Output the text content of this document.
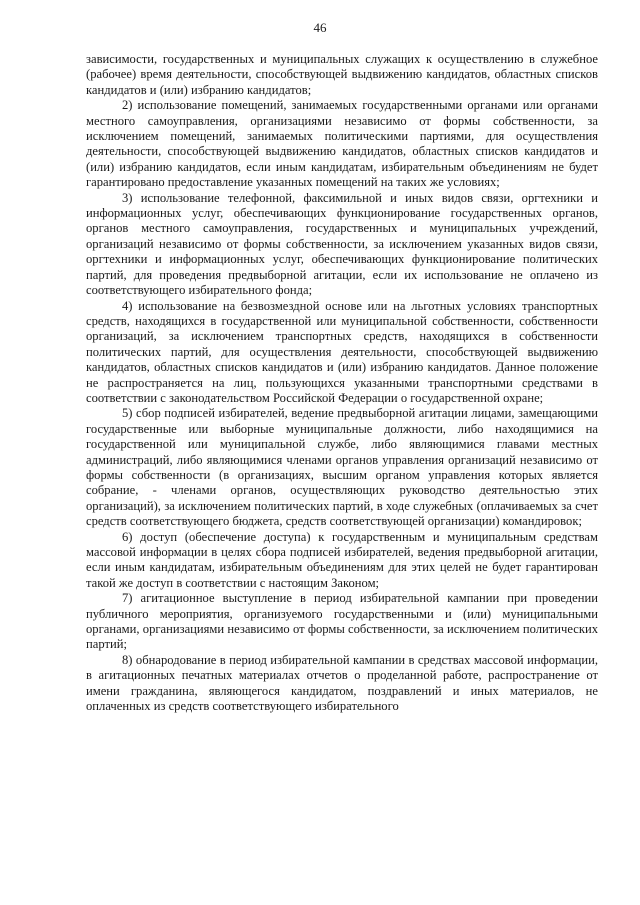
46

зависимости, государственных и муниципальных служащих к осуществлению в служебное (рабочее) время деятельности, способствующей выдвижению кандидатов, областных списков кандидатов и (или) избранию кандидатов;

2) использование помещений, занимаемых государственными органами или органами местного самоуправления, организациями независимо от формы собственности, за исключением помещений, занимаемых политическими партиями, для осуществления деятельности, способствующей выдвижению кандидатов, областных списков кандидатов и (или) избранию кандидатов, если иным кандидатам, избирательным объединениям не будет гарантировано предоставление указанных помещений на таких же условиях;

3) использование телефонной, факсимильной и иных видов связи, оргтехники и информационных услуг, обеспечивающих функционирование государственных органов, органов местного самоуправления, государственных и муниципальных учреждений, организаций независимо от формы собственности, за исключением указанных видов связи, оргтехники и информационных услуг, обеспечивающих функционирование политических партий, для проведения предвыборной агитации, если их использование не оплачено из соответствующего избирательного фонда;

4) использование на безвозмездной основе или на льготных условиях транспортных средств, находящихся в государственной или муниципальной собственности, собственности организаций, за исключением транспортных средств, находящихся в собственности политических партий, для осуществления деятельности, способствующей выдвижению кандидатов, областных списков кандидатов и (или) избранию кандидатов. Данное положение не распространяется на лиц, пользующихся указанными транспортными средствами в соответствии с законодательством Российской Федерации о государственной охране;

5) сбор подписей избирателей, ведение предвыборной агитации лицами, замещающими государственные или выборные муниципальные должности, либо находящимися на государственной или муниципальной службе, либо являющимися главами местных администраций, либо являющимися членами органов управления организаций независимо от формы собственности (в организациях, высшим органом управления которых является собрание, - членами органов, осуществляющих руководство деятельностью этих организаций), за исключением политических партий, в ходе служебных (оплачиваемых за счет средств соответствующего бюджета, средств соответствующей организации) командировок;

6) доступ (обеспечение доступа) к государственным и муниципальным средствам массовой информации в целях сбора подписей избирателей, ведения предвыборной агитации, если иным кандидатам, избирательным объединениям для этих целей не будет гарантирован такой же доступ в соответствии с настоящим Законом;

7) агитационное выступление в период избирательной кампании при проведении публичного мероприятия, организуемого государственными и (или) муниципальными органами, организациями независимо от формы собственности, за исключением политических партий;

8) обнародование в период избирательной кампании в средствах массовой информации, в агитационных печатных материалах отчетов о проделанной работе, распространение от имени гражданина, являющегося кандидатом, поздравлений и иных материалов, не оплаченных из средств соответствующего избирательного
